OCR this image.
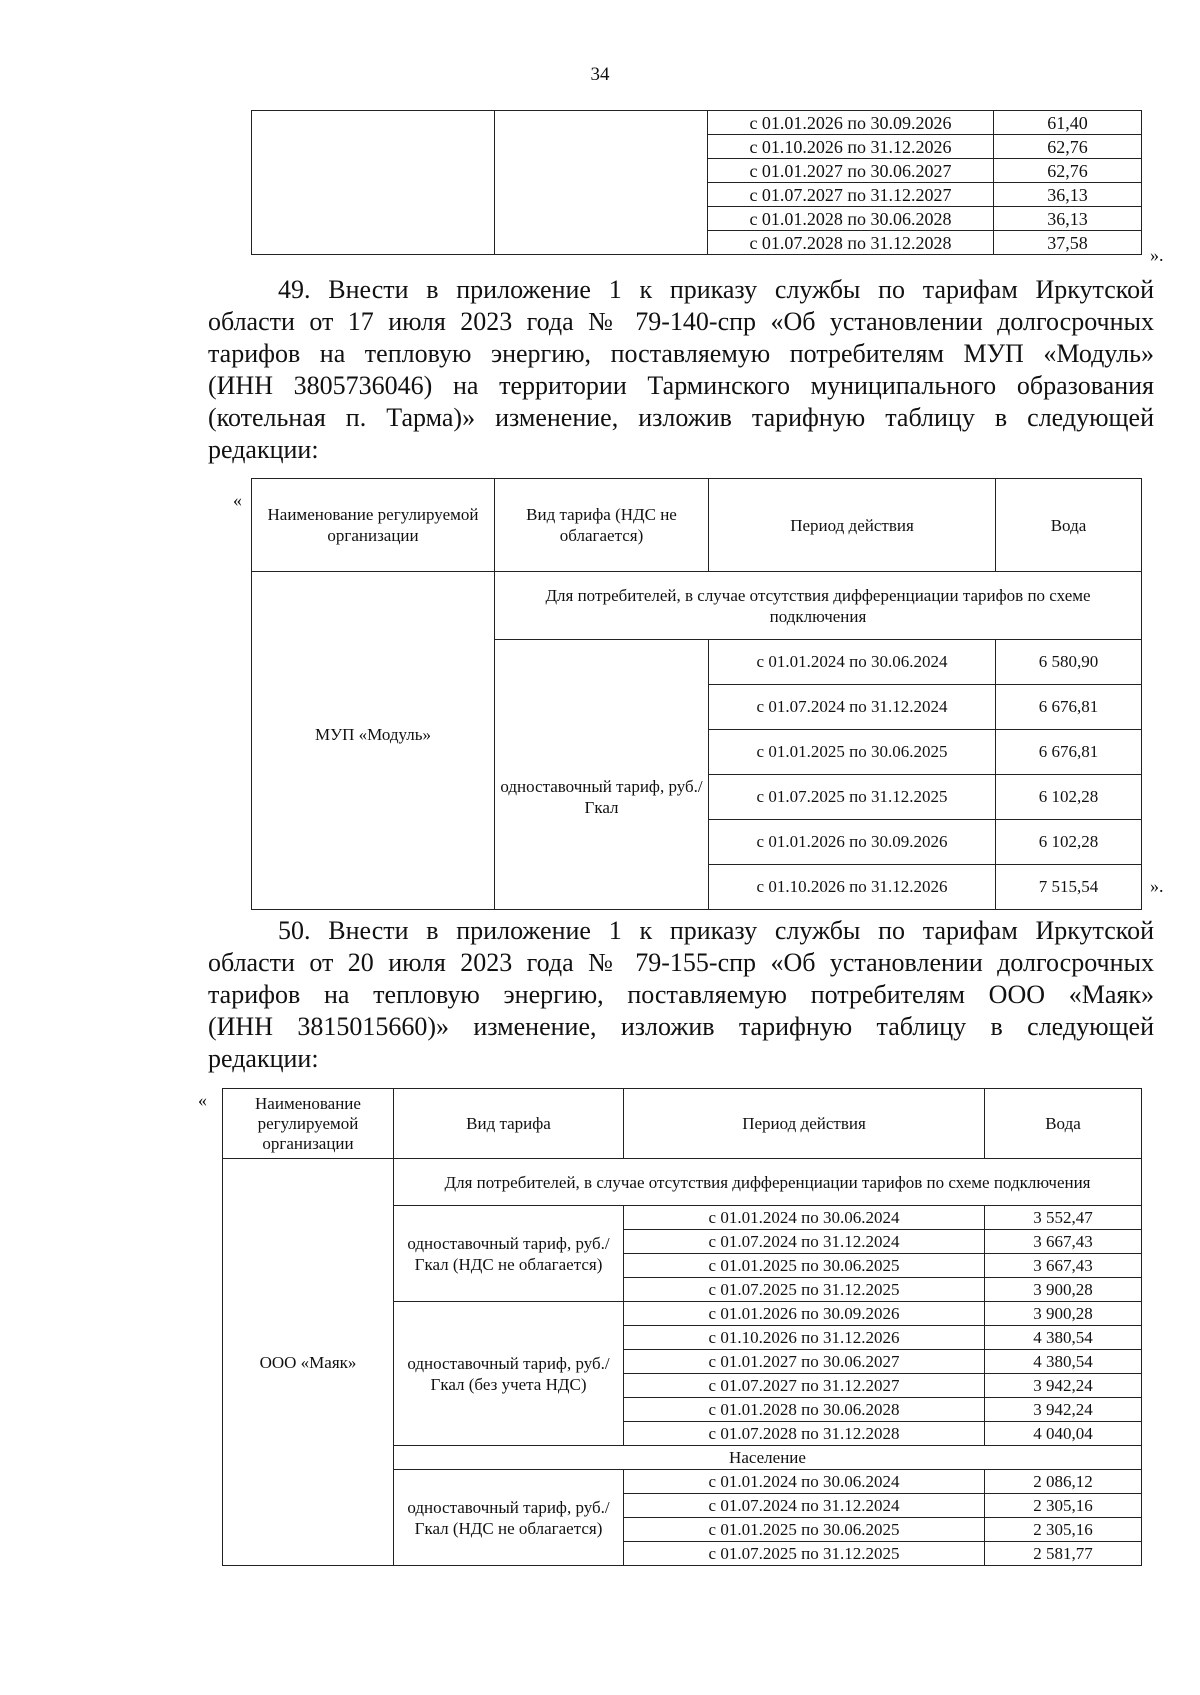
34
		с 01.01.2026 по 30.09.2026	61,40
		с 01.10.2026 по 31.12.2026	62,76
		с 01.01.2027 по 30.06.2027	62,76
		с 01.07.2027 по 31.12.2027	36,13
		с 01.01.2028 по 30.06.2028	36,13
		с 01.07.2028 по 31.12.2028	37,58
».
49. Внести в приложение 1 к приказу службы по тарифам Иркутской
области от 17 июля 2023 года № 79-140-спр «Об установлении долгосрочных
тарифов на тепловую энергию, поставляемую потребителям МУП «Модуль»
(ИНН 3805736046) на территории Тарминского муниципального образования
(котельная п. Тарма)» изменение, изложив тарифную таблицу в следующей
редакции:
«
Наименование регулируемой организации	Вид тарифа (НДС не облагается)	Период действия	Вода
МУП «Модуль»	Для потребителей, в случае отсутствия дифференциации тарифов по схеме подключения		
	одноставочный тариф, руб./Гкал	с 01.01.2024 по 30.06.2024	6 580,90
		с 01.07.2024 по 31.12.2024	6 676,81
		с 01.01.2025 по 30.06.2025	6 676,81
		с 01.07.2025 по 31.12.2025	6 102,28
		с 01.01.2026 по 30.09.2026	6 102,28
		с 01.10.2026 по 31.12.2026	7 515,54	».
50. Внести в приложение 1 к приказу службы по тарифам Иркутской
области от 20 июля 2023 года № 79-155-спр «Об установлении долгосрочных
тарифов на тепловую энергию, поставляемую потребителям ООО «Маяк»
(ИНН 3815015660)» изменение, изложив тарифную таблицу в следующей
редакции:
«	Наименование регулируемой организации	Вид тарифа	Период действия	Вода
ООО «Маяк»	Для потребителей, в случае отсутствия дифференциации тарифов по схеме подключения		
	одноставочный тариф, руб./Гкал (НДС не облагается)	с 01.01.2024 по 30.06.2024	3 552,47
		с 01.07.2024 по 31.12.2024	3 667,43
		с 01.01.2025 по 30.06.2025	3 667,43
		с 01.07.2025 по 31.12.2025	3 900,28
	одноставочный тариф, руб./Гкал (без учета НДС)	с 01.01.2026 по 30.09.2026	3 900,28
		с 01.10.2026 по 31.12.2026	4 380,54
		с 01.01.2027 по 30.06.2027	4 380,54
		с 01.07.2027 по 31.12.2027	3 942,24
		с 01.01.2028 по 30.06.2028	3 942,24
		с 01.07.2028 по 31.12.2028	4 040,04
	Население		
	одноставочный тариф, руб./Гкал (НДС не облагается)	с 01.01.2024 по 30.06.2024	2 086,12
		с 01.07.2024 по 31.12.2024	2 305,16
		с 01.01.2025 по 30.06.2025	2 305,16
		с 01.07.2025 по 31.12.2025	2 581,77
